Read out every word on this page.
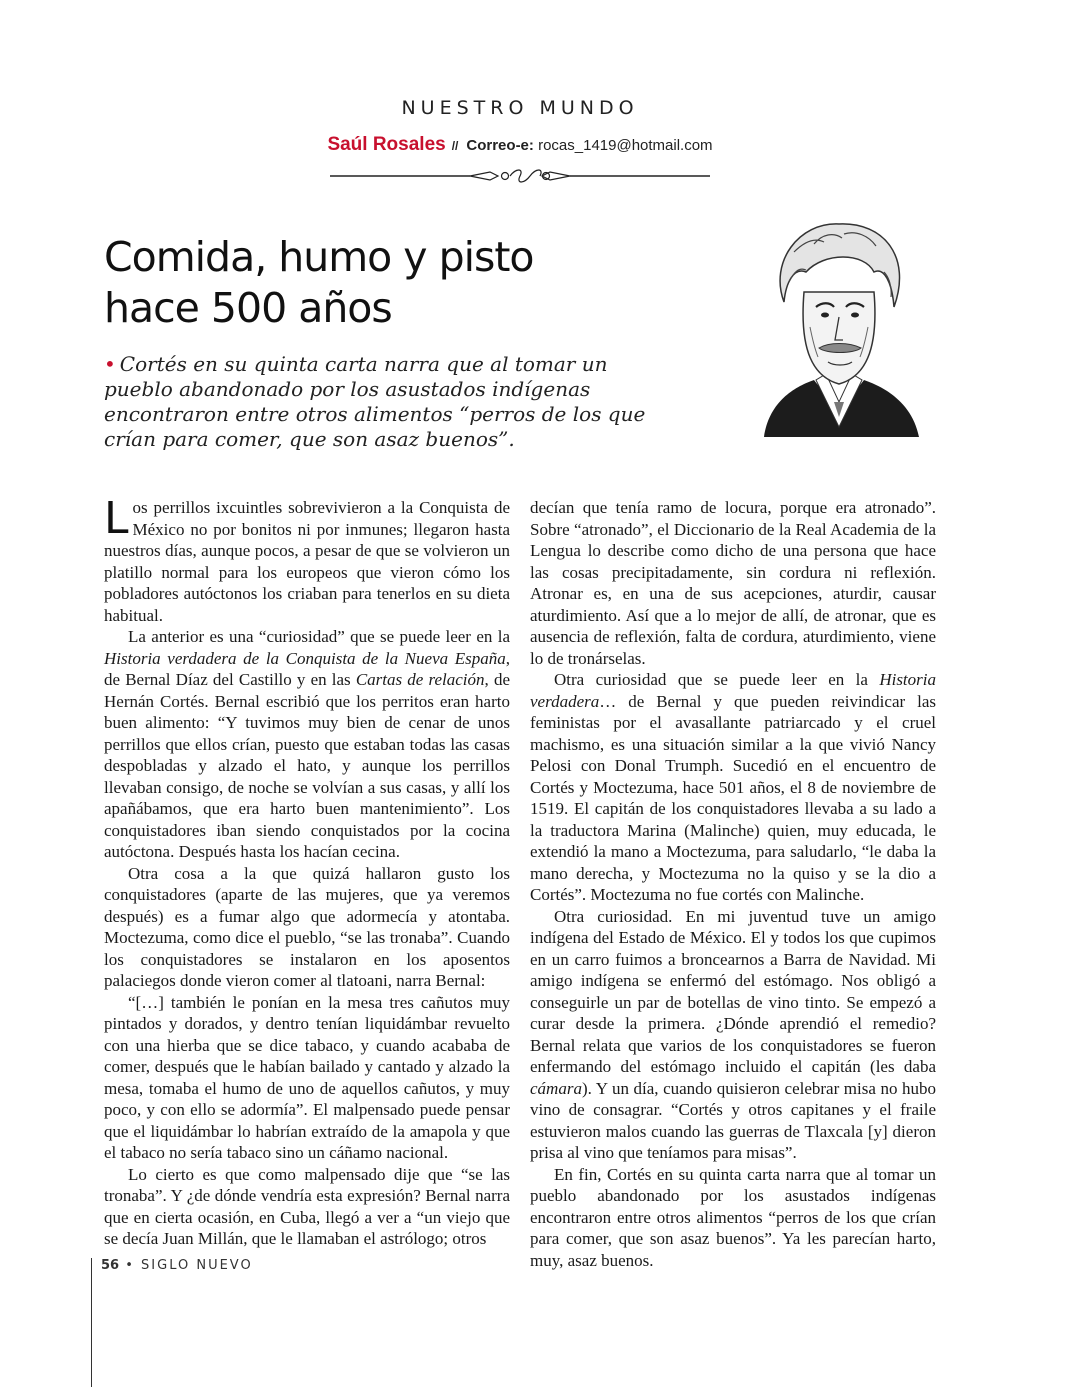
NUESTRO MUNDO
Saúl Rosales // Correo-e: rocas_1419@hotmail.com
Comida, humo y pisto
hace 500 años

• Cortés en su quinta carta narra que al tomar un pueblo abandonado por los asustados indígenas encontraron entre otros alimentos “perros de los que crían para comer, que son asaz buenos”.

Los perrillos ixcuintles sobrevivieron a la Conquista de México no por bonitos ni por inmunes; llegaron hasta nuestros días, aunque pocos, a pesar de que se volvieron un platillo normal para los europeos que vieron cómo los pobladores autóctonos los criaban para tenerlos en su dieta habitual.

La anterior es una “curiosidad” que se puede leer en la Historia verdadera de la Conquista de la Nueva España, de Bernal Díaz del Castillo y en las Cartas de relación, de Hernán Cortés. Bernal escribió que los perritos eran harto buen alimento: “Y tuvimos muy bien de cenar de unos perrillos que ellos crían, puesto que estaban todas las casas despobladas y alzado el hato, y aunque los perrillos llevaban consigo, de noche se volvían a sus casas, y allí los apañábamos, que era harto buen mantenimiento”. Los conquistadores iban siendo conquistados por la cocina autóctona. Después hasta los hacían cecina.

Otra cosa a la que quizá hallaron gusto los conquistadores (aparte de las mujeres, que ya veremos después) es a fumar algo que adormecía y atontaba. Moctezuma, como dice el pueblo, “se las tronaba”. Cuando los conquistadores se instalaron en los aposentos palaciegos donde vieron comer al tlatoani, narra Bernal:

“[…] también le ponían en la mesa tres cañutos muy pintados y dorados, y dentro tenían liquidámbar revuelto con una hierba que se dice tabaco, y cuando acababa de comer, después que le habían bailado y cantado y alzado la mesa, tomaba el humo de uno de aquellos cañutos, y muy poco, y con ello se adormía”. El malpensado puede pensar que el liquidámbar lo habrían extraído de la amapola y que el tabaco no sería tabaco sino un cáñamo nacional.

Lo cierto es que como malpensado dije que “se las tronaba”. Y ¿de dónde vendría esta expresión? Bernal narra que en cierta ocasión, en Cuba, llegó a ver a “un viejo que se decía Juan Millán, que le llamaban el astrólogo; otros

decían que tenía ramo de locura, porque era atronado”. Sobre “atronado”, el Diccionario de la Real Academia de la Lengua lo describe como dicho de una persona que hace las cosas precipitadamente, sin cordura ni reflexión. Atronar es, en una de sus acepciones, aturdir, causar aturdimiento. Así que a lo mejor de allí, de atronar, que es ausencia de reflexión, falta de cordura, aturdimiento, viene lo de tronárselas.

Otra curiosidad que se puede leer en la Historia verdadera… de Bernal y que pueden reivindicar las feministas por el avasallante patriarcado y el cruel machismo, es una situación similar a la que vivió Nancy Pelosi con Donal Trumph. Sucedió en el encuentro de Cortés y Moctezuma, hace 501 años, el 8 de noviembre de 1519. El capitán de los conquistadores llevaba a su lado a la traductora Marina (Malinche) quien, muy educada, le extendió la mano a Moctezuma, para saludarlo, “le daba la mano derecha, y Moctezuma no la quiso y se la dio a Cortés”. Moctezuma no fue cortés con Malinche.

Otra curiosidad. En mi juventud tuve un amigo indígena del Estado de México. El y todos los que cupimos en un carro fuimos a broncearnos a Barra de Navidad. Mi amigo indígena se enfermó del estómago. Nos obligó a conseguirle un par de botellas de vino tinto. Se empezó a curar desde la primera. ¿Dónde aprendió el remedio? Bernal relata que varios de los conquistadores se fueron enfermando del estómago incluido el capitán (les daba cámara). Y un día, cuando quisieron celebrar misa no hubo vino de consagrar. “Cortés y otros capitanes y el fraile estuvieron malos cuando las guerras de Tlaxcala [y] dieron prisa al vino que teníamos para misas”.

En fin, Cortés en su quinta carta narra que al tomar un pueblo abandonado por los asustados indígenas encontraron entre otros alimentos “perros de los que crían para comer, que son asaz buenos”. Ya les parecían harto, muy, asaz buenos.

56 • SIGLO NUEVO
